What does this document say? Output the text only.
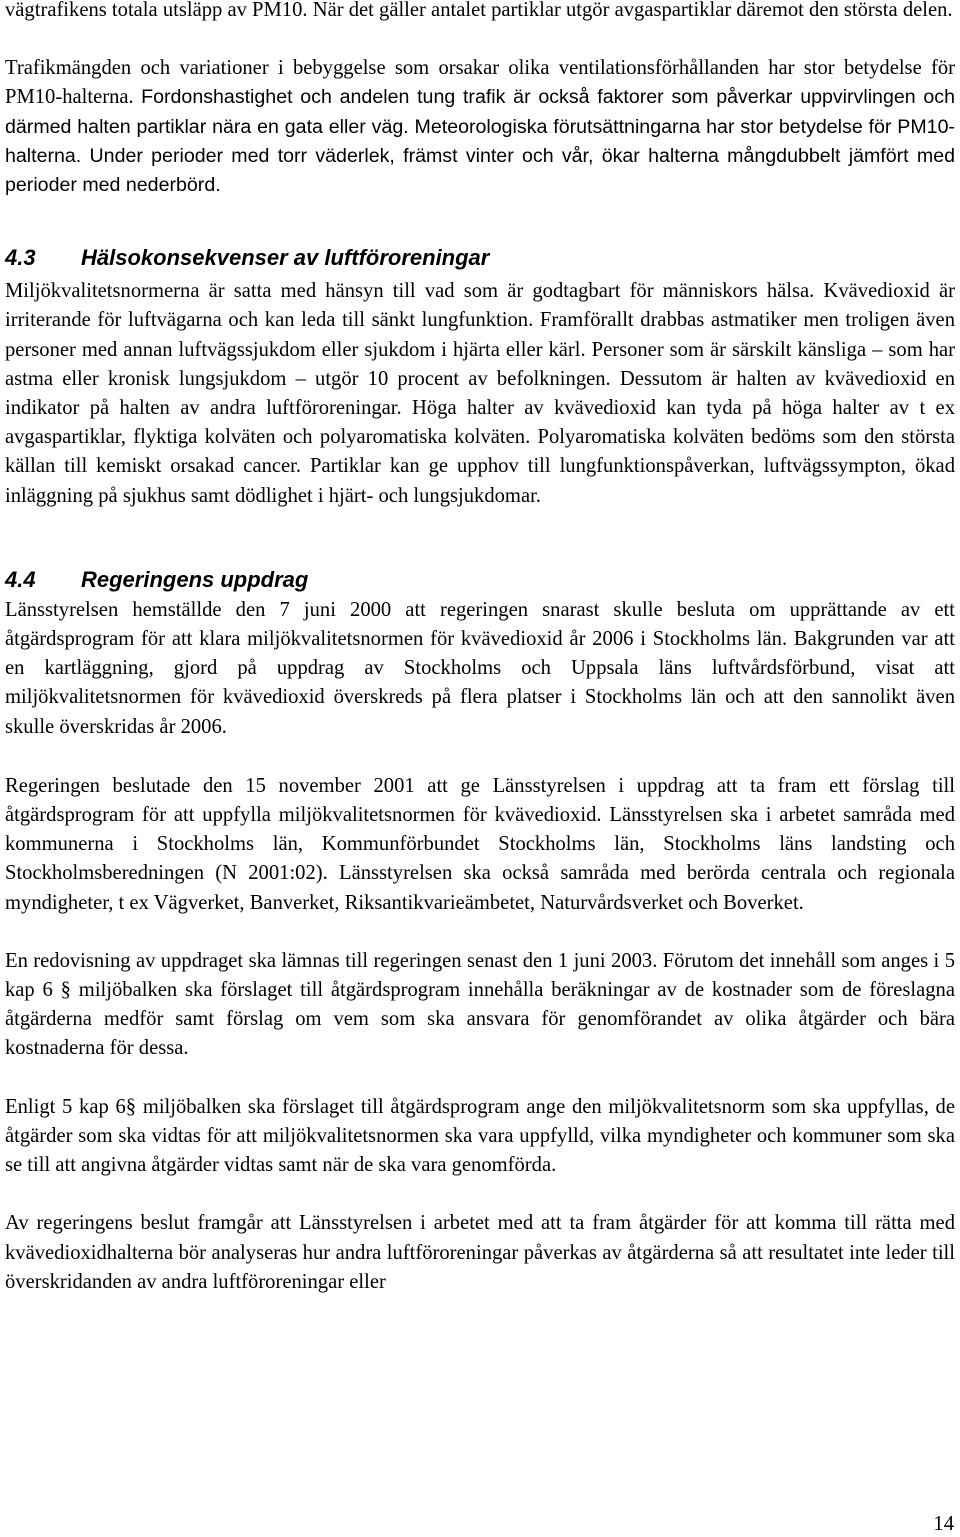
vägtrafikens totala utsläpp av PM10. När det gäller antalet partiklar utgör avgaspartiklar däremot den största delen.

Trafikmängden och variationer i bebyggelse som orsakar olika ventilationsförhållanden har stor betydelse för PM10-halterna. Fordonshastighet och andelen tung trafik är också faktorer som påverkar uppvirvlingen och därmed halten partiklar nära en gata eller väg. Meteorologiska förutsättningarna har stor betydelse för PM10-halterna. Under perioder med torr väderlek, främst vinter och vår, ökar halterna mångdubbelt jämfört med perioder med nederbörd.

4.3 Hälsokonsekvenser av luftföroreningar

Miljökvalitetsnormerna är satta med hänsyn till vad som är godtagbart för människors hälsa. Kvävedioxid är irriterande för luftvägarna och kan leda till sänkt lungfunktion. Framförallt drabbas astmatiker men troligen även personer med annan luftvägssjukdom eller sjukdom i hjärta eller kärl. Personer som är särskilt känsliga – som har astma eller kronisk lungsjukdom – utgör 10 procent av befolkningen. Dessutom är halten av kvävedioxid en indikator på halten av andra luftföroreningar. Höga halter av kvävedioxid kan tyda på höga halter av t ex avgaspartiklar, flyktiga kolväten och polyaromatiska kolväten. Polyaromatiska kolväten bedöms som den största källan till kemiskt orsakad cancer. Partiklar kan ge upphov till lungfunktionspåverkan, luftvägssympton, ökad inläggning på sjukhus samt dödlighet i hjärt- och lungsjukdomar.

4.4 Regeringens uppdrag

Länsstyrelsen hemställde den 7 juni 2000 att regeringen snarast skulle besluta om upprättande av ett åtgärdsprogram för att klara miljökvalitetsnormen för kvävedioxid år 2006 i Stockholms län. Bakgrunden var att en kartläggning, gjord på uppdrag av Stockholms och Uppsala läns luftvårdsförbund, visat att miljökvalitetsnormen för kvävedioxid överskreds på flera platser i Stockholms län och att den sannolikt även skulle överskridas år 2006.

Regeringen beslutade den 15 november 2001 att ge Länsstyrelsen i uppdrag att ta fram ett förslag till åtgärdsprogram för att uppfylla miljökvalitetsnormen för kvävedioxid. Länsstyrelsen ska i arbetet samråda med kommunerna i Stockholms län, Kommunförbundet Stockholms län, Stockholms läns landsting och Stockholmsberedningen (N 2001:02). Länsstyrelsen ska också samråda med berörda centrala och regionala myndigheter, t ex Vägverket, Banverket, Riksantikvarieämbetet, Naturvårdsverket och Boverket.

En redovisning av uppdraget ska lämnas till regeringen senast den 1 juni 2003. Förutom det innehåll som anges i 5 kap 6 § miljöbalken ska förslaget till åtgärdsprogram innehålla beräkningar av de kostnader som de föreslagna åtgärderna medför samt förslag om vem som ska ansvara för genomförandet av olika åtgärder och bära kostnaderna för dessa.

Enligt 5 kap 6§ miljöbalken ska förslaget till åtgärdsprogram ange den miljökvalitetsnorm som ska uppfyllas, de åtgärder som ska vidtas för att miljökvalitetsnormen ska vara uppfylld, vilka myndigheter och kommuner som ska se till att angivna åtgärder vidtas samt när de ska vara genomförda.

Av regeringens beslut framgår att Länsstyrelsen i arbetet med att ta fram åtgärder för att komma till rätta med kvävedioxidhalterna bör analyseras hur andra luftföroreningar påverkas av åtgärderna så att resultatet inte leder till överskridanden av andra luftföroreningar eller

14
